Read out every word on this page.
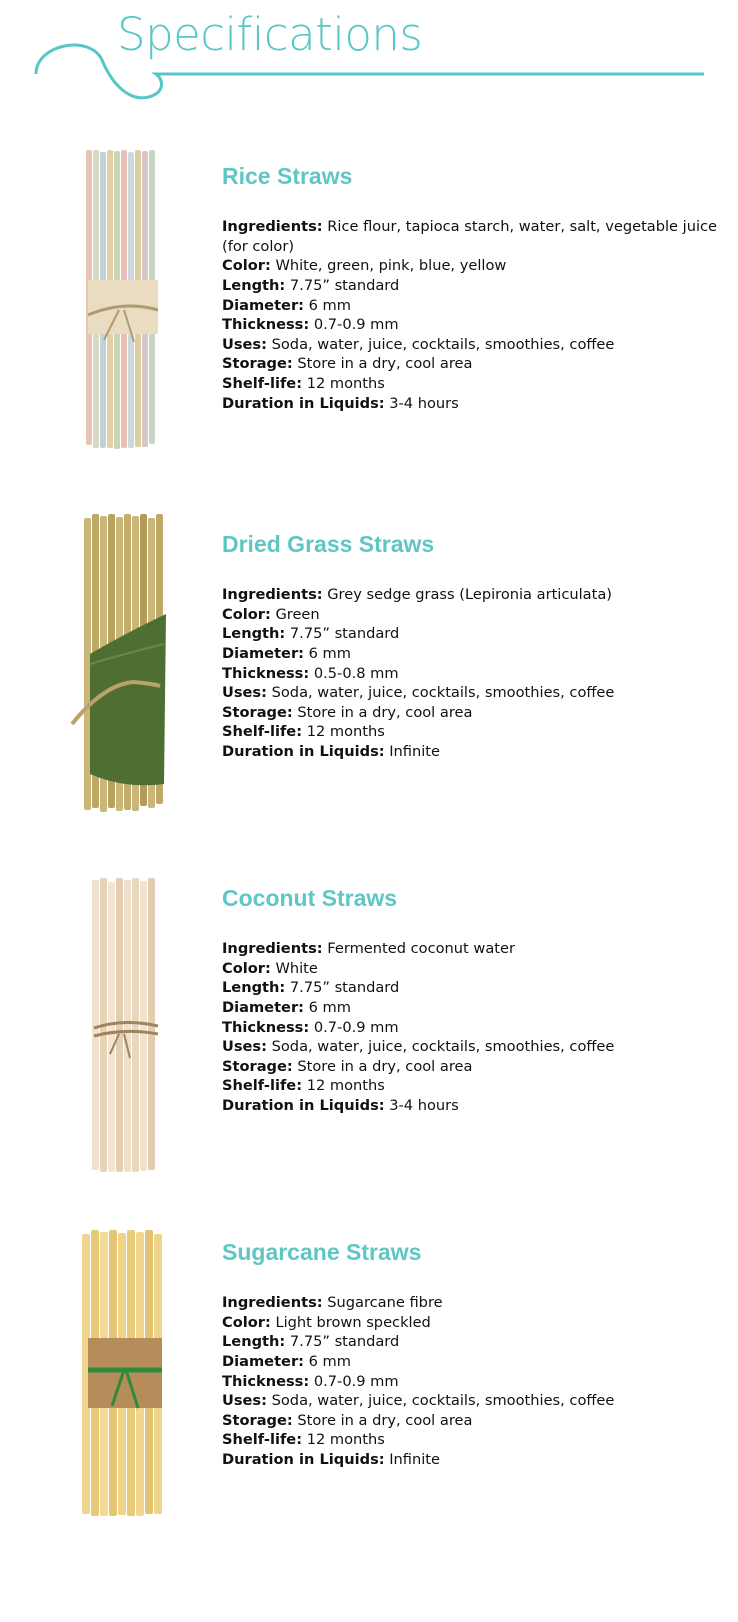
Specifications
Rice Straws

Ingredients: Rice flour, tapioca starch, water, salt, vegetable juice (for color)

Color: White, green, pink, blue, yellow

Length: 7.75” standard

Diameter: 6 mm

Thickness: 0.7-0.9 mm

Uses: Soda, water, juice, cocktails, smoothies, coffee

Storage: Store in a dry, cool area

Shelf-life: 12 months

Duration in Liquids: 3-4 hours

Dried Grass Straws

Ingredients: Grey sedge grass (Lepironia articulata)

Color: Green

Length: 7.75” standard

Diameter: 6 mm

Thickness: 0.5-0.8 mm

Uses: Soda, water, juice, cocktails, smoothies, coffee

Storage: Store in a dry, cool area

Shelf-life: 12 months

Duration in Liquids: Infinite

Coconut Straws

Ingredients: Fermented coconut water

Color: White

Length: 7.75” standard

Diameter: 6 mm

Thickness: 0.7-0.9 mm

Uses: Soda, water, juice, cocktails, smoothies, coffee

Storage: Store in a dry, cool area

Shelf-life: 12 months

Duration in Liquids: 3-4 hours

Sugarcane Straws

Ingredients: Sugarcane fibre

Color: Light brown speckled

Length: 7.75” standard

Diameter: 6 mm

Thickness: 0.7-0.9 mm

Uses: Soda, water, juice, cocktails, smoothies, coffee

Storage: Store in a dry, cool area

Shelf-life: 12 months

Duration in Liquids: Infinite
